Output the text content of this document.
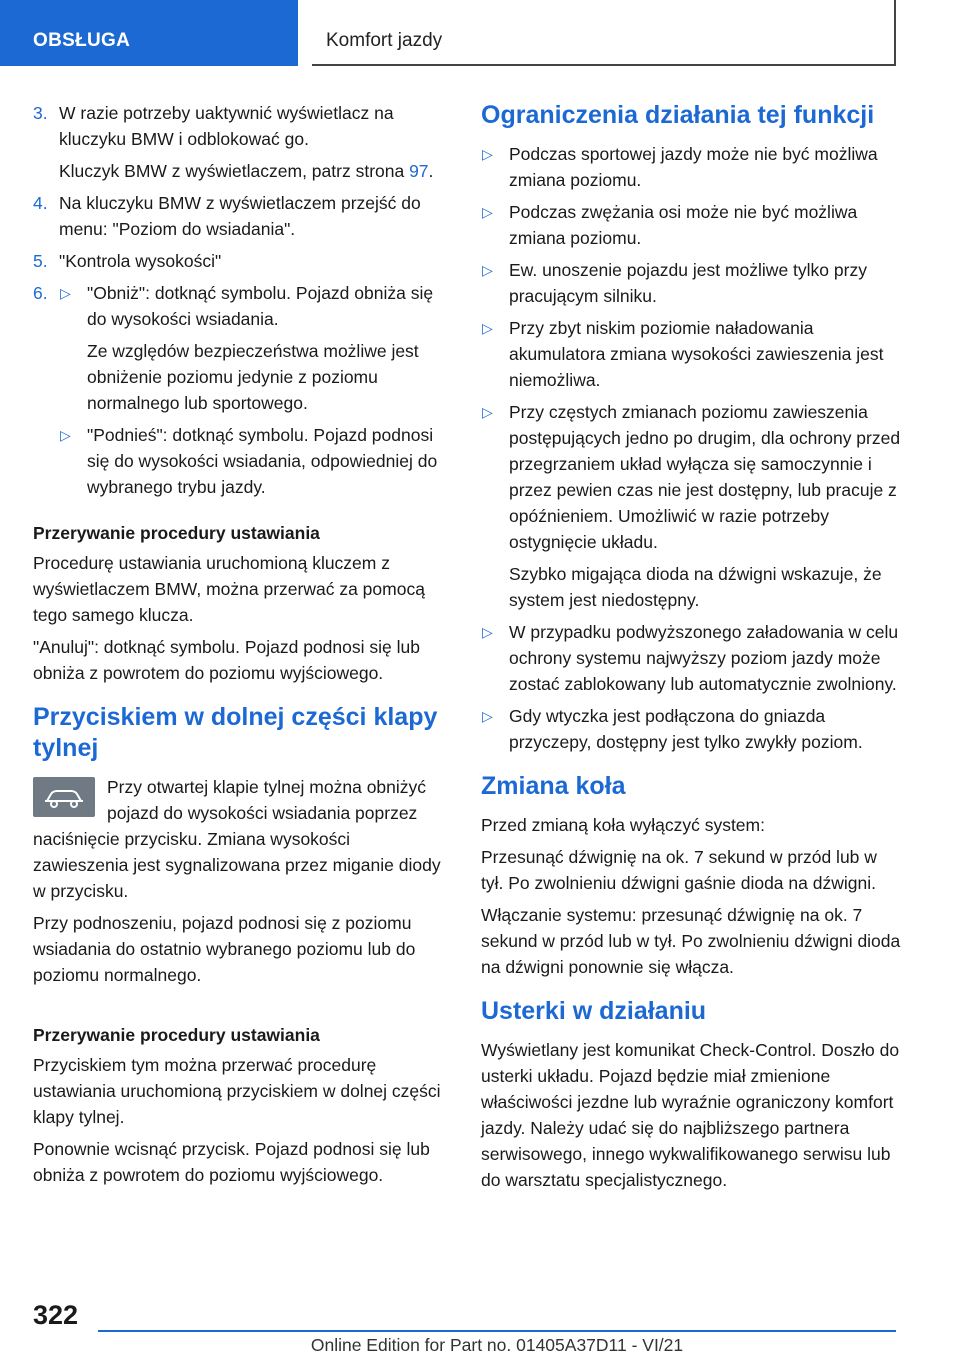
OBSŁUGA	Komfort jazdy
3. W razie potrzeby uaktywnić wyświetlacz na kluczyku BMW i odblokować go.

Kluczyk BMW z wyświetlaczem, patrz strona 97.

4. Na kluczyku BMW z wyświetlaczem przejść do menu: "Poziom do wsiadania".

5. "Kontrola wysokości"

6.

▷ "Obniż": dotknąć symbolu. Pojazd obniża się do wysokości wsiadania.

Ze względów bezpieczeństwa możliwe jest obniżenie poziomu jedynie z poziomu normalnego lub sportowego.

▷ "Podnieś": dotknąć symbolu. Pojazd podnosi się do wysokości wsiadania, odpowiedniej do wybranego trybu jazdy.

Przerywanie procedury ustawiania

Procedurę ustawiania uruchomioną kluczem z wyświetlaczem BMW, można przerwać za pomocą tego samego klucza.

"Anuluj": dotknąć symbolu. Pojazd podnosi się lub obniża z powrotem do poziomu wyjściowego.

Przyciskiem w dolnej części klapy tylnej

Przy otwartej klapie tylnej można obniżyć pojazd do wysokości wsiadania poprzez naciśnięcie przycisku. Zmiana wysokości zawieszenia jest sygnalizowana przez miganie diody w przycisku.

Przy podnoszeniu, pojazd podnosi się z poziomu wsiadania do ostatnio wybranego poziomu lub do poziomu normalnego.

Przerywanie procedury ustawiania

Przyciskiem tym można przerwać procedurę ustawiania uruchomioną przyciskiem w dolnej części klapy tylnej.

Ponownie wcisnąć przycisk. Pojazd podnosi się lub obniża z powrotem do poziomu wyjściowego.

Ograniczenia działania tej funkcji

▷ Podczas sportowej jazdy może nie być możliwa zmiana poziomu.

▷ Podczas zwężania osi może nie być możliwa zmiana poziomu.

▷ Ew. unoszenie pojazdu jest możliwe tylko przy pracującym silniku.

▷ Przy zbyt niskim poziomie naładowania akumulatora zmiana wysokości zawieszenia jest niemożliwa.

▷ Przy częstych zmianach poziomu zawieszenia postępujących jedno po drugim, dla ochrony przed przegrzaniem układ wyłącza się samoczynnie i przez pewien czas nie jest dostępny, lub pracuje z opóźnieniem. Umożliwić w razie potrzeby ostygnięcie układu.

Szybko migająca dioda na dźwigni wskazuje, że system jest niedostępny.

▷ W przypadku podwyższonego załadowania w celu ochrony systemu najwyższy poziom jazdy może zostać zablokowany lub automatycznie zwolniony.

▷ Gdy wtyczka jest podłączona do gniazda przyczepy, dostępny jest tylko zwykły poziom.

Zmiana koła

Przed zmianą koła wyłączyć system:

Przesunąć dźwignię na ok. 7 sekund w przód lub w tył. Po zwolnieniu dźwigni gaśnie dioda na dźwigni.

Włączanie systemu: przesunąć dźwignię na ok. 7 sekund w przód lub w tył. Po zwolnieniu dźwigni dioda na dźwigni ponownie się włącza.

Usterki w działaniu

Wyświetlany jest komunikat Check-Control. Doszło do usterki układu. Pojazd będzie miał zmienione właściwości jezdne lub wyraźnie ograniczony komfort jazdy. Należy udać się do najbliższego partnera serwisowego, innego wykwalifikowanego serwisu lub do warsztatu specjalistycznego.

322
Online Edition for Part no. 01405A37D11 - VI/21
